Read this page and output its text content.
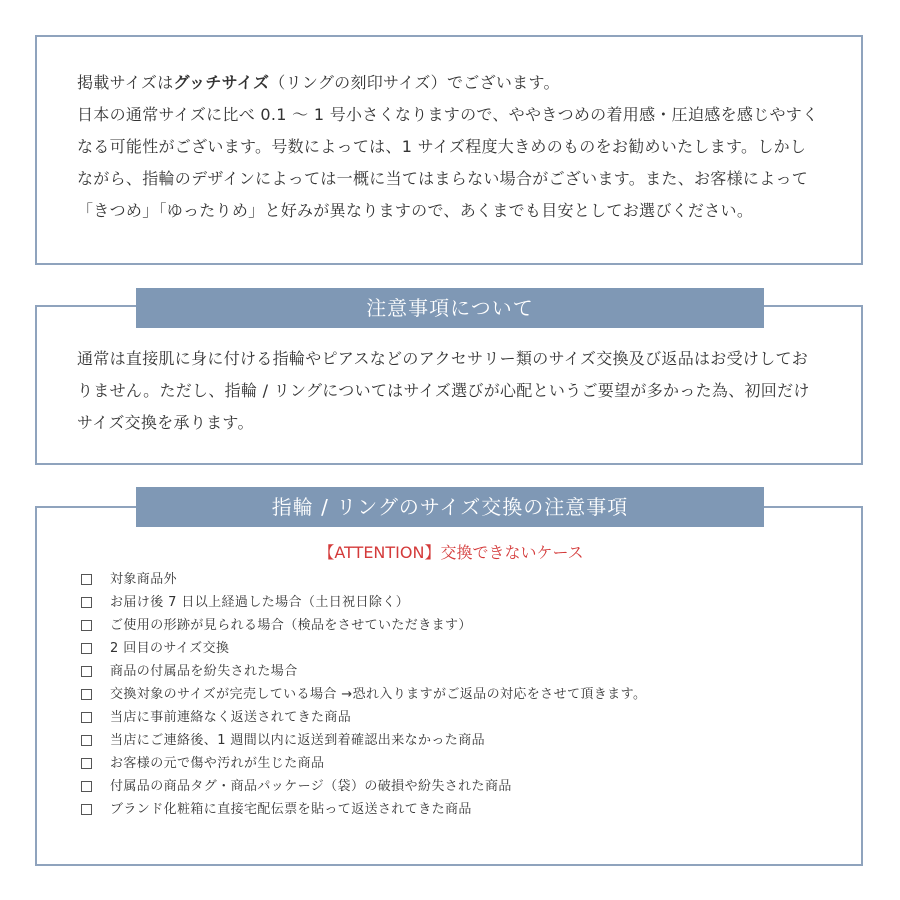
掲載サイズはグッチサイズ（リングの刻印サイズ）でございます。
日本の通常サイズに比べ 0.1 〜 1 号小さくなりますので、ややきつめの着用感・圧迫感を感じやすくなる可能性がございます。号数によっては、1 サイズ程度大きめのものをお勧めいたします。しかしながら、指輪のデザインによっては一概に当てはまらない場合がございます。また、お客様によって「きつめ」「ゆったりめ」と好みが異なりますので、あくまでも目安としてお選びください。

通常は直接肌に身に付ける指輪やピアスなどのアクセサリー類のサイズ交換及び返品はお受けしておりません。ただし、指輪 / リングについてはサイズ選びが心配というご要望が多かった為、初回だけサイズ交換を承ります。

注意事項について

【ATTENTION】交換できないケース

対象商品外
お届け後 7 日以上経過した場合（土日祝日除く）
ご使用の形跡が見られる場合（検品をさせていただきます）
2 回目のサイズ交換
商品の付属品を紛失された場合
交換対象のサイズが完売している場合 →恐れ入りますがご返品の対応をさせて頂きます。
当店に事前連絡なく返送されてきた商品
当店にご連絡後、1 週間以内に返送到着確認出来なかった商品
お客様の元で傷や汚れが生じた商品
付属品の商品タグ・商品パッケージ（袋）の破損や紛失された商品
ブランド化粧箱に直接宅配伝票を貼って返送されてきた商品
指輪 / リングのサイズ交換の注意事項
